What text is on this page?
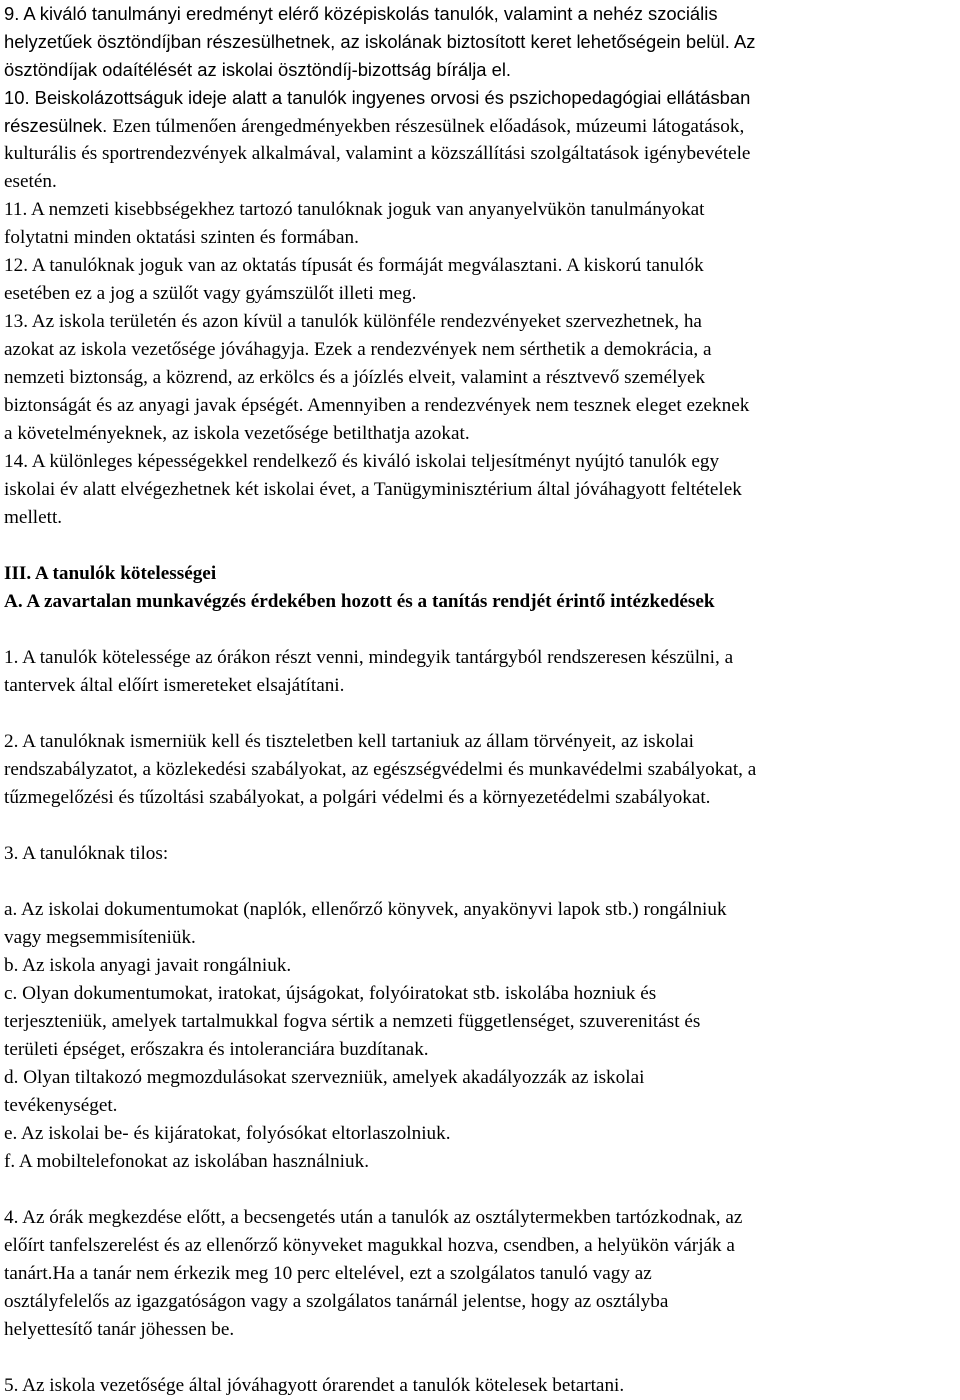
9. A kiváló tanulmányi eredményt elérő középiskolás tanulók, valamint a nehéz szociális
helyzetűek ösztöndíjban részesülhetnek, az iskolának biztosított keret lehetőségein belül. Az
ösztöndíjak odaítélését az iskolai ösztöndíj-bizottság bírálja el.
10. Beiskolázottságuk ideje alatt a tanulók ingyenes orvosi és pszichopedagógiai ellátásban
részesülnek. Ezen túlmenően árengedményekben részesülnek előadások, múzeumi látogatások,
kulturális és sportrendezvények alkalmával, valamint a közszállítási szolgáltatások igénybevétele
esetén.
11. A nemzeti kisebbségekhez tartozó tanulóknak joguk van anyanyelvükön tanulmányokat
folytatni minden oktatási szinten és formában.
12. A tanulóknak joguk van az oktatás típusát és formáját megválasztani. A kiskorú tanulók
esetében ez a jog a szülőt vagy gyámszülőt illeti meg.
13. Az iskola területén és azon kívül a tanulók különféle rendezvényeket szervezhetnek, ha
azokat az iskola vezetősége jóváhagyja. Ezek a rendezvények nem sérthetik a demokrácia, a
nemzeti biztonság, a közrend, az erkölcs és a jóízlés elveit, valamint a résztvevő személyek
biztonságát és az anyagi javak épségét. Amennyiben a rendezvények nem tesznek eleget ezeknek
a követelményeknek, az iskola vezetősége betilthatja azokat.
14. A különleges képességekkel rendelkező és kiváló iskolai teljesítményt nyújtó tanulók egy
iskolai év alatt elvégezhetnek két iskolai évet, a Tanügyminisztérium által jóváhagyott feltételek
mellett.
III. A tanulók kötelességei
A. A zavartalan munkavégzés érdekében hozott és a tanítás rendjét érintő intézkedések
1. A tanulók kötelessége az órákon részt venni, mindegyik tantárgyból rendszeresen készülni, a
tantervek által előírt ismereteket elsajátítani.
2. A tanulóknak ismerniük kell és tiszteletben kell tartaniuk az állam törvényeit, az iskolai
rendszabályzatot, a közlekedési szabályokat, az egészségvédelmi és munkavédelmi szabályokat, a
tűzmegelőzési és tűzoltási szabályokat, a polgári védelmi és a környezetédelmi szabályokat.
3. A tanulóknak tilos:
a. Az iskolai dokumentumokat (naplók, ellenőrző könyvek, anyakönyvi lapok stb.) rongálniuk
vagy megsemmisíteniük.
b. Az iskola anyagi javait rongálniuk.
c. Olyan dokumentumokat, iratokat, újságokat, folyóiratokat stb. iskolába hozniuk és
terjeszteniük, amelyek tartalmukkal fogva sértik a nemzeti függetlenséget, szuverenitást és
területi épséget, erőszakra és intoleranciára buzdítanak.
d. Olyan tiltakozó megmozdulásokat szervezniük, amelyek akadályozzák az iskolai
tevékenységet.
e. Az iskolai be- és kijáratokat, folyósókat eltorlaszolniuk.
f. A mobiltelefonokat az iskolában használniuk.
4. Az órák megkezdése előtt, a becsengetés után a tanulók az osztálytermekben tartózkodnak, az
előírt tanfelszerelést és az ellenőrző könyveket magukkal hozva, csendben, a helyükön várják a
tanárt.Ha a tanár nem érkezik meg 10 perc eltelével, ezt a szolgálatos tanuló vagy az
osztályfelelős az igazgatóságon vagy a szolgálatos tanárnál jelentse, hogy az osztályba
helyettesítő tanár jöhessen be.
5. Az iskola vezetősége által jóváhagyott órarendet a tanulók kötelesek betartani.
